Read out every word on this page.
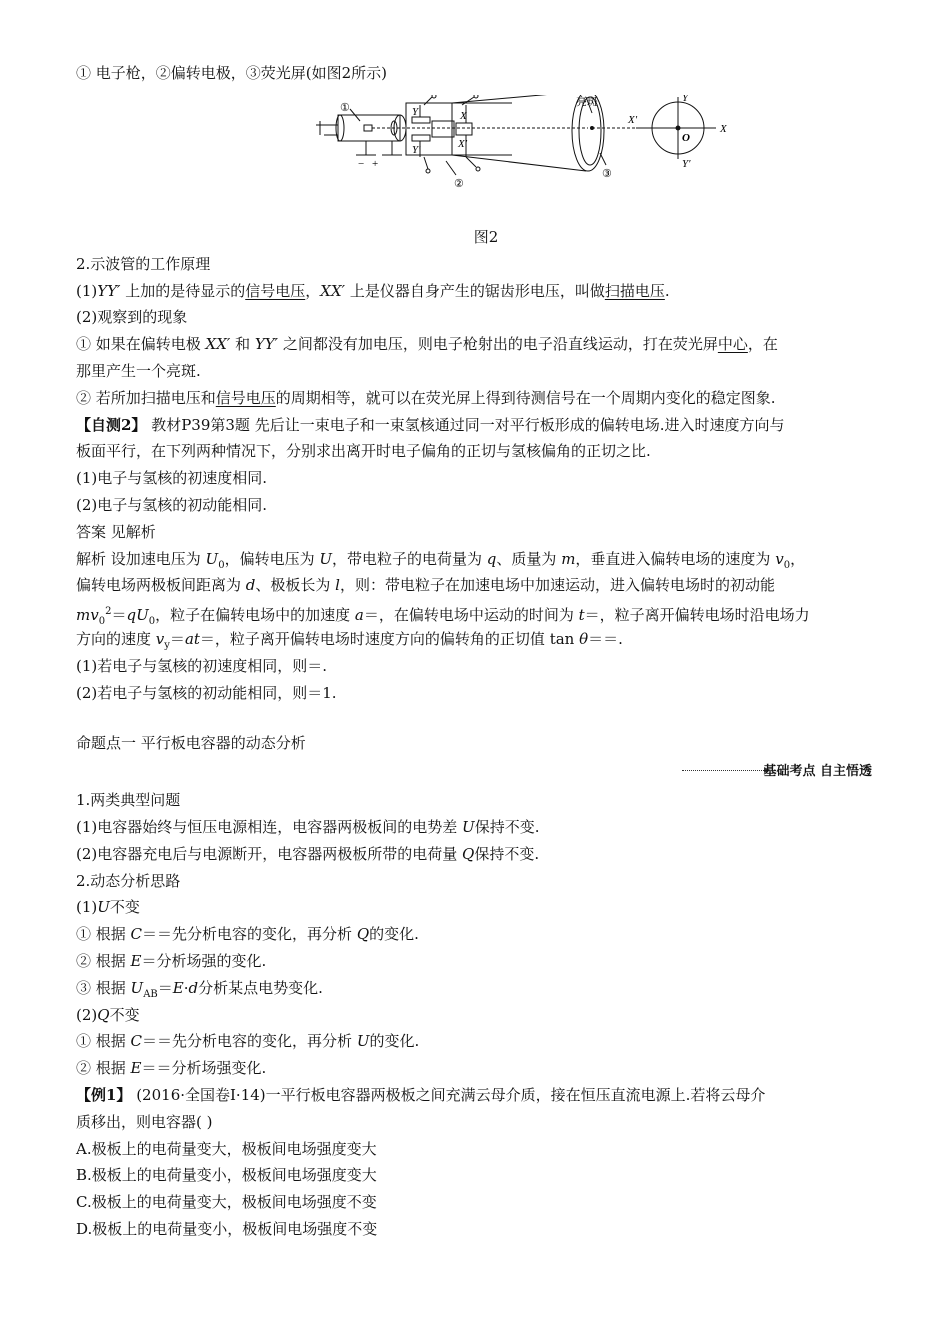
① 电子枪，②偏转电极，③荧光屏(如图2所示)
①
②
③
亮斑
Y
Y′
X
X′
X′
X
Y
Y′
O
− +
图2
2.示波管的工作原理
(1)YY′ 上加的是待显示的信号电压，XX′ 上是仪器自身产生的锯齿形电压，叫做扫描电压.
(2)观察到的现象
① 如果在偏转电极 XX′ 和 YY′ 之间都没有加电压，则电子枪射出的电子沿直线运动，打在荧光屏中心，在
那里产生一个亮斑.
② 若所加扫描电压和信号电压的周期相等，就可以在荧光屏上得到待测信号在一个周期内变化的稳定图象.
【自测2】 教材P39第3题 先后让一束电子和一束氢核通过同一对平行板形成的偏转电场.进入时速度方向与
板面平行，在下列两种情况下，分别求出离开时电子偏角的正切与氢核偏角的正切之比.
(1)电子与氢核的初速度相同.
(2)电子与氢核的初动能相同.
答案 见解析
解析 设加速电压为 $U_0$，偏转电压为 U，带电粒子的电荷量为 q、质量为 m，垂直进入偏转电场的速度为 $v_0$，
偏转电场两极板间距离为 d、极板长为 l，则：带电粒子在加速电场中加速运动，进入偏转电场时的初动能
$mv_0^2=qU_0$，粒子在偏转电场中的加速度 a＝，在偏转电场中运动的时间为 t＝，粒子离开偏转电场时沿电场力
方向的速度 $v_y=at=$，粒子离开偏转电场时速度方向的偏转角的正切值 tan θ＝＝.
(1)若电子与氢核的初速度相同，则＝.
(2)若电子与氢核的初动能相同，则＝1.
命题点一 平行板电容器的动态分析
基础考点 自主悟透
1.两类典型问题
(1)电容器始终与恒压电源相连，电容器两极板间的电势差 U保持不变.
(2)电容器充电后与电源断开，电容器两极板所带的电荷量 Q保持不变.
2.动态分析思路
(1)U不变
① 根据 C＝＝先分析电容的变化，再分析 Q的变化.
② 根据 E＝分析场强的变化.
③ 根据 $U_{AB}=E\cdot d$分析某点电势变化.
(2)Q不变
① 根据 C＝＝先分析电容的变化，再分析 U的变化.
② 根据 E＝＝分析场强变化.
【例1】 (2016·全国卷Ⅰ·14)一平行板电容器两极板之间充满云母介质，接在恒压直流电源上.若将云母介
质移出，则电容器( )
A.极板上的电荷量变大，极板间电场强度变大
B.极板上的电荷量变小，极板间电场强度变大
C.极板上的电荷量变大，极板间电场强度不变
D.极板上的电荷量变小，极板间电场强度不变
